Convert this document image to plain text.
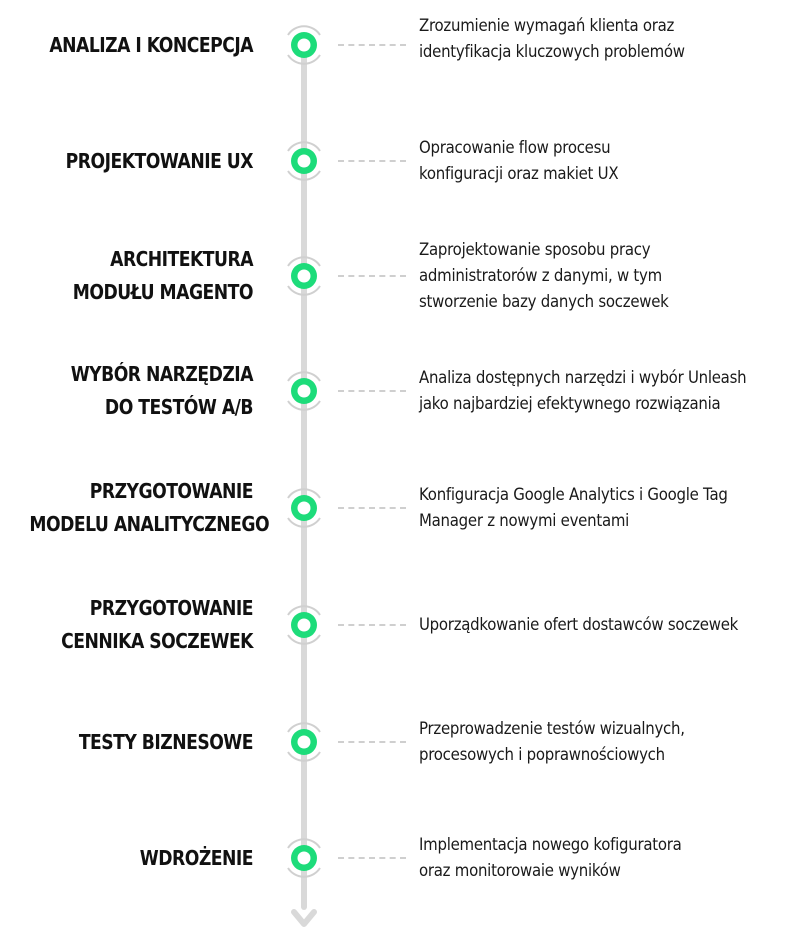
ANALIZA I KONCEPCJA
Zrozumienie wymagań klienta oraz
identyfikacja kluczowych problemów
PROJEKTOWANIE UX
Opracowanie flow procesu
konfiguracji oraz makiet UX
ARCHITEKTURA
MODUŁU MAGENTO
Zaprojektowanie sposobu pracy
administratorów z danymi, w tym
stworzenie bazy danych soczewek
WYBÓR NARZĘDZIA
DO TESTÓW A/B
Analiza dostępnych narzędzi i wybór Unleash
jako najbardziej efektywnego rozwiązania
PRZYGOTOWANIE
MODELU ANALITYCZNEGO
Konfiguracja Google Analytics i Google Tag
Manager z nowymi eventami
PRZYGOTOWANIE
CENNIKA SOCZEWEK
Uporządkowanie ofert dostawców soczewek
TESTY BIZNESOWE
Przeprowadzenie testów wizualnych,
procesowych i poprawnościowych
WDROŻENIE
Implementacja nowego kofiguratora
oraz monitorowaie wyników
